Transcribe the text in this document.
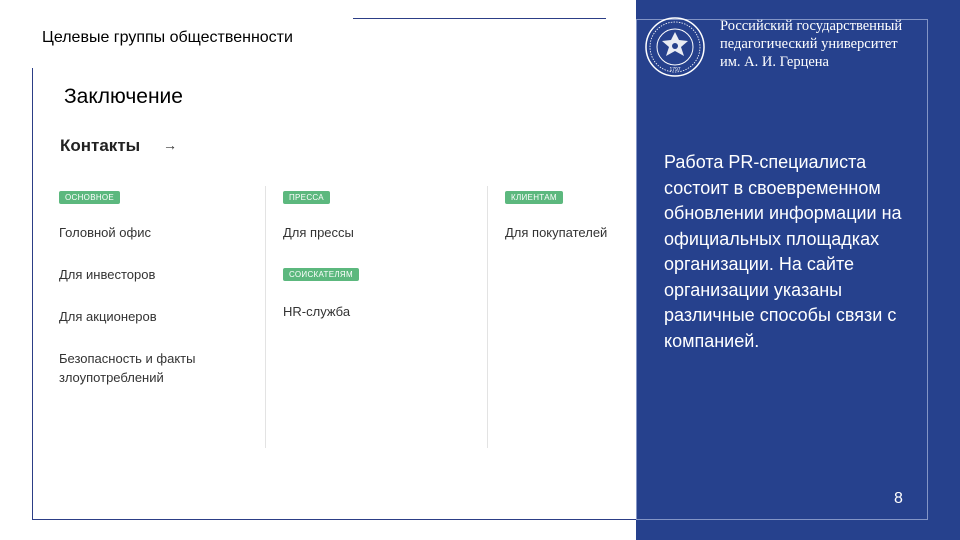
Целевые группы общественности
Заключение
Контакты →
ОСНОВНОЕ
Головной офис
Для инвесторов
Для акционеров
Безопасность и факты злоупотреблений
ПРЕССА
Для прессы
СОИСКАТЕЛЯМ
HR-служба
КЛИЕНТАМ
Для покупателей
1797
Российский государственный
педагогический университет
им. А. И. Герцена
Работа PR-специалиста состоит в своевременном обновлении информации на официальных площадках организации. На сайте организации указаны различные способы связи с компанией.
8
